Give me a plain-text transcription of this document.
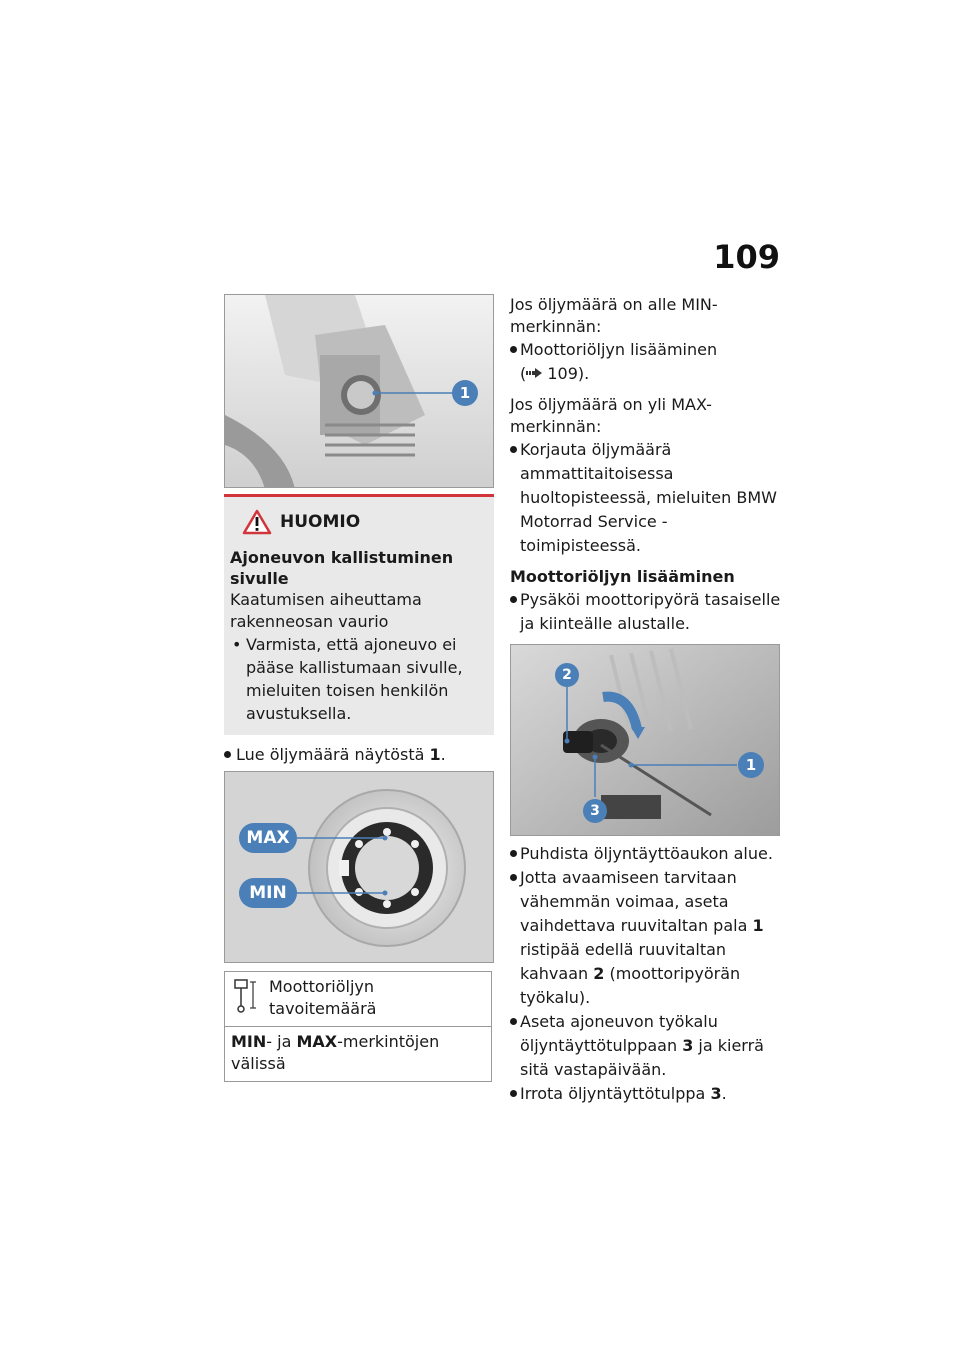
109
1
HUOMIO
Ajoneuvon kallistuminen sivulle
Kaatumisen aiheuttama rakenneosan vaurio
• Varmista, että ajoneuvo ei pääse kallistumaan sivulle, mieluiten toisen henkilön avustuksella.
Lue öljymäärä näytöstä 1.
MAX
MIN
Moottoriöljyn tavoitemäärä

MIN- ja MAX-merkintöjen välissä

Jos öljymäärä on alle MIN-merkinnän:

Moottoriöljyn lisääminen
( 109).

Jos öljymäärä on yli MAX-merkinnän:

Korjauta öljymäärä ammattitaitoisessa huoltopisteessä, mieluiten BMW Motorrad Service -toimipisteessä.

Moottoriöljyn lisääminen

Pysäköi moottoripyörä tasaiselle ja kiinteälle alustalle.
2
1
3
Puhdista öljyntäyttöaukon alue.
Jotta avaamiseen tarvitaan vähemmän voimaa, aseta vaihdettava ruuvitaltan pala 1 ristipää edellä ruuvitaltan kahvaan 2 (moottoripyörän työkalu).
Aseta ajoneuvon työkalu öljyntäyttötulppaan 3 ja kierrä sitä vastapäivään.
Irrota öljyntäyttötulppa 3.
